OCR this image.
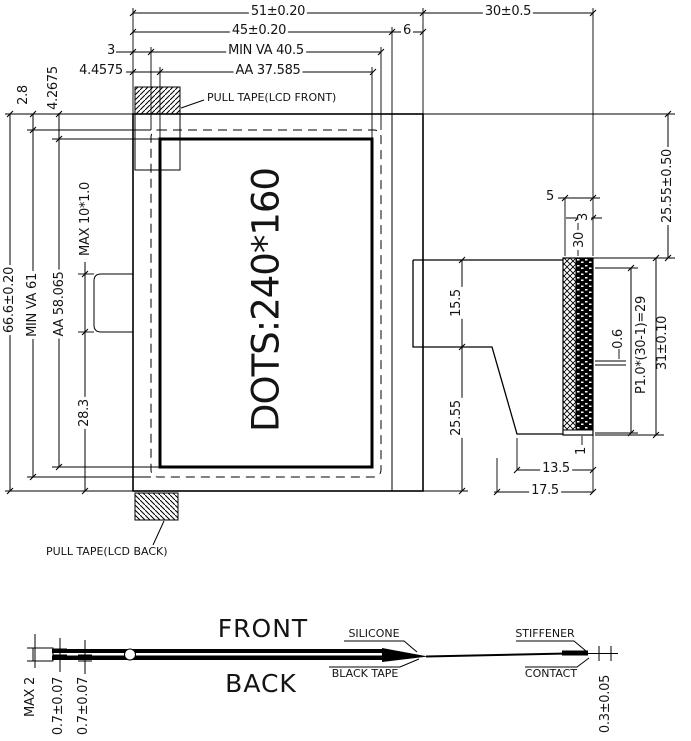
51±0.20	30±0.5
45±0.20	6
3	MIN VA 40.5
4.4575	AA 37.585
2.8 4.2675
66.6±0.20 MIN VA 61 AA 58.065
MAX 10*1.0
28.3	DOTS:240*160
PULL TAPE(LCD FRONT)
PULL TAPE(LCD BACK)
25.55±0.50
5
3
30
15.5
25.55
0.6 P1.0*(30-1)=29 31±0.10
1
13.5
17.5
FRONT
BACK
SILICONE
BLACK TAPE
STIFFENER
CONTACT
MAX 2 0.7±0.07 0.7±0.07	0.3±0.05
